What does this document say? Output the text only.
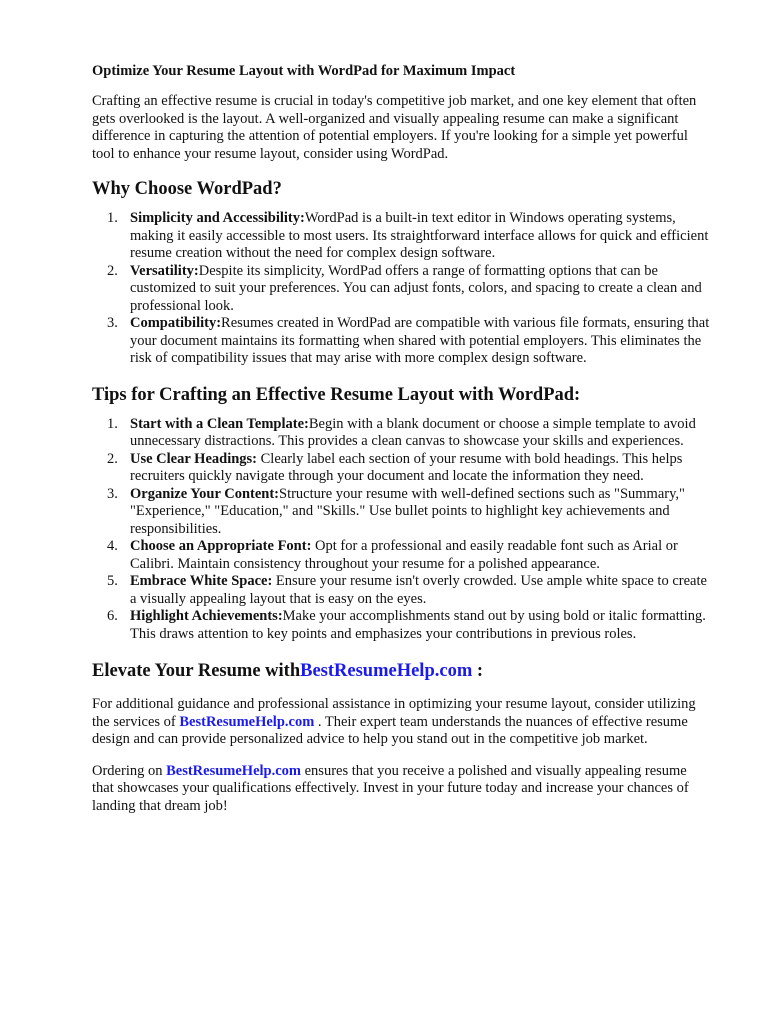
Optimize Your Resume Layout with WordPad for Maximum Impact

Crafting an effective resume is crucial in today's competitive job market, and one key element that often gets overlooked is the layout. A well-organized and visually appealing resume can make a significant difference in capturing the attention of potential employers. If you're looking for a simple yet powerful tool to enhance your resume layout, consider using WordPad.

Why Choose WordPad?
1. Simplicity and Accessibility:WordPad is a built-in text editor in Windows operating systems, making it easily accessible to most users. Its straightforward interface allows for quick and efficient resume creation without the need for complex design software.
2. Versatility:Despite its simplicity, WordPad offers a range of formatting options that can be customized to suit your preferences. You can adjust fonts, colors, and spacing to create a clean and professional look.
3. Compatibility:Resumes created in WordPad are compatible with various file formats, ensuring that your document maintains its formatting when shared with potential employers. This eliminates the risk of compatibility issues that may arise with more complex design software.
Tips for Crafting an Effective Resume Layout with WordPad:
1. Start with a Clean Template:Begin with a blank document or choose a simple template to avoid unnecessary distractions. This provides a clean canvas to showcase your skills and experiences.
2. Use Clear Headings: Clearly label each section of your resume with bold headings. This helps recruiters quickly navigate through your document and locate the information they need.
3. Organize Your Content:Structure your resume with well-defined sections such as "Summary," "Experience," "Education," and "Skills." Use bullet points to highlight key achievements and responsibilities.
4. Choose an Appropriate Font: Opt for a professional and easily readable font such as Arial or Calibri. Maintain consistency throughout your resume for a polished appearance.
5. Embrace White Space: Ensure your resume isn't overly crowded. Use ample white space to create a visually appealing layout that is easy on the eyes.
6. Highlight Achievements:Make your accomplishments stand out by using bold or italic formatting. This draws attention to key points and emphasizes your contributions in previous roles.
Elevate Your Resume withBestResumeHelp.com :

For additional guidance and professional assistance in optimizing your resume layout, consider utilizing the services of BestResumeHelp.com . Their expert team understands the nuances of effective resume design and can provide personalized advice to help you stand out in the competitive job market.

Ordering on BestResumeHelp.com ensures that you receive a polished and visually appealing resume that showcases your qualifications effectively. Invest in your future today and increase your chances of landing that dream job!
